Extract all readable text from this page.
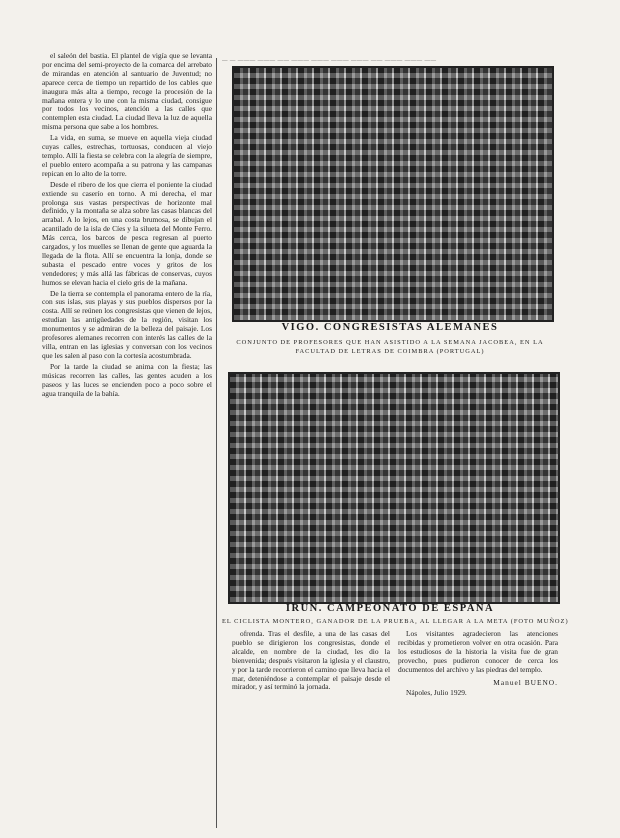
el saleón del bastia. El plantel de vigía que se levanta por encima del semi-proyecto de la comarca del arrebato de mirandas en atención al santuario de Juventud; no aparece cerca de tiempo un repartido de los cables que inaugura más alta a tiempo, recoge la procesión de la mañana entera y lo une con la misma ciudad, consigue por todos los vecinos, atención a las calles que contemplen esta ciudad. La ciudad lleva la luz de aquella misma persona que sabe a los hombres.

La vida, en suma, se mueve en aquella vieja ciudad cuyas calles, estrechas, tortuosas, conducen al viejo templo. Allí la fiesta se celebra con la alegría de siempre, el pueblo entero acompaña a su patrona y las campanas repican en lo alto de la torre.

Desde el ribero de los que cierra el poniente la ciudad extiende su caserío en torno. A mi derecha, el mar prolonga sus vastas perspectivas de horizonte mal definido, y la montaña se alza sobre las casas blancas del arrabal. A lo lejos, en una costa brumosa, se dibujan el acantilado de la isla de Cíes y la silueta del Monte Ferro. Más cerca, los barcos de pesca regresan al puerto cargados, y los muelles se llenan de gente que aguarda la llegada de la flota. Allí se encuentra la lonja, donde se subasta el pescado entre voces y gritos de los vendedores; y más allá las fábricas de conservas, cuyos humos se elevan hacia el cielo gris de la mañana.

De la tierra se contempla el panorama entero de la ría, con sus islas, sus playas y sus pueblos dispersos por la costa. Allí se reúnen los congresistas que vienen de lejos, estudian las antigüedades de la región, visitan los monumentos y se admiran de la belleza del paisaje. Los profesores alemanes recorren con interés las calles de la villa, entran en las iglesias y conversan con los vecinos que les salen al paso con la cortesía acostumbrada.

Por la tarde la ciudad se anima con la fiesta; las músicas recorren las calles, las gentes acuden a los paseos y las luces se encienden poco a poco sobre el agua tranquila de la bahía.

— — ——— ——— —— ——— ——— ——— ——— —— ——— ——— ——
VIGO. CONGRESISTAS ALEMANES
CONJUNTO DE PROFESORES QUE HAN ASISTIDO A LA SEMANA JACOBEA, EN LA FACULTAD DE LETRAS DE COIMBRA (PORTUGAL)
IRUN. CAMPEONATO DE ESPAÑA
EL CICLISTA MONTERO, GANADOR DE LA PRUEBA, AL LLEGAR A LA META (FOTO MUÑOZ)

ofrenda. Tras el desfile, a una de las casas del pueblo se dirigieron los congresistas, donde el alcalde, en nombre de la ciudad, les dio la bienvenida; después visitaron la iglesia y el claustro, y por la tarde recorrieron el camino que lleva hacia el mar, deteniéndose a contemplar el paisaje desde el mirador, y así terminó la jornada.

Los visitantes agradecieron las atenciones recibidas y prometieron volver en otra ocasión. Para los estudiosos de la historia la visita fue de gran provecho, pues pudieron conocer de cerca los documentos del archivo y las piedras del templo.

Manuel BUENO.

Nápoles, Julio 1929.
